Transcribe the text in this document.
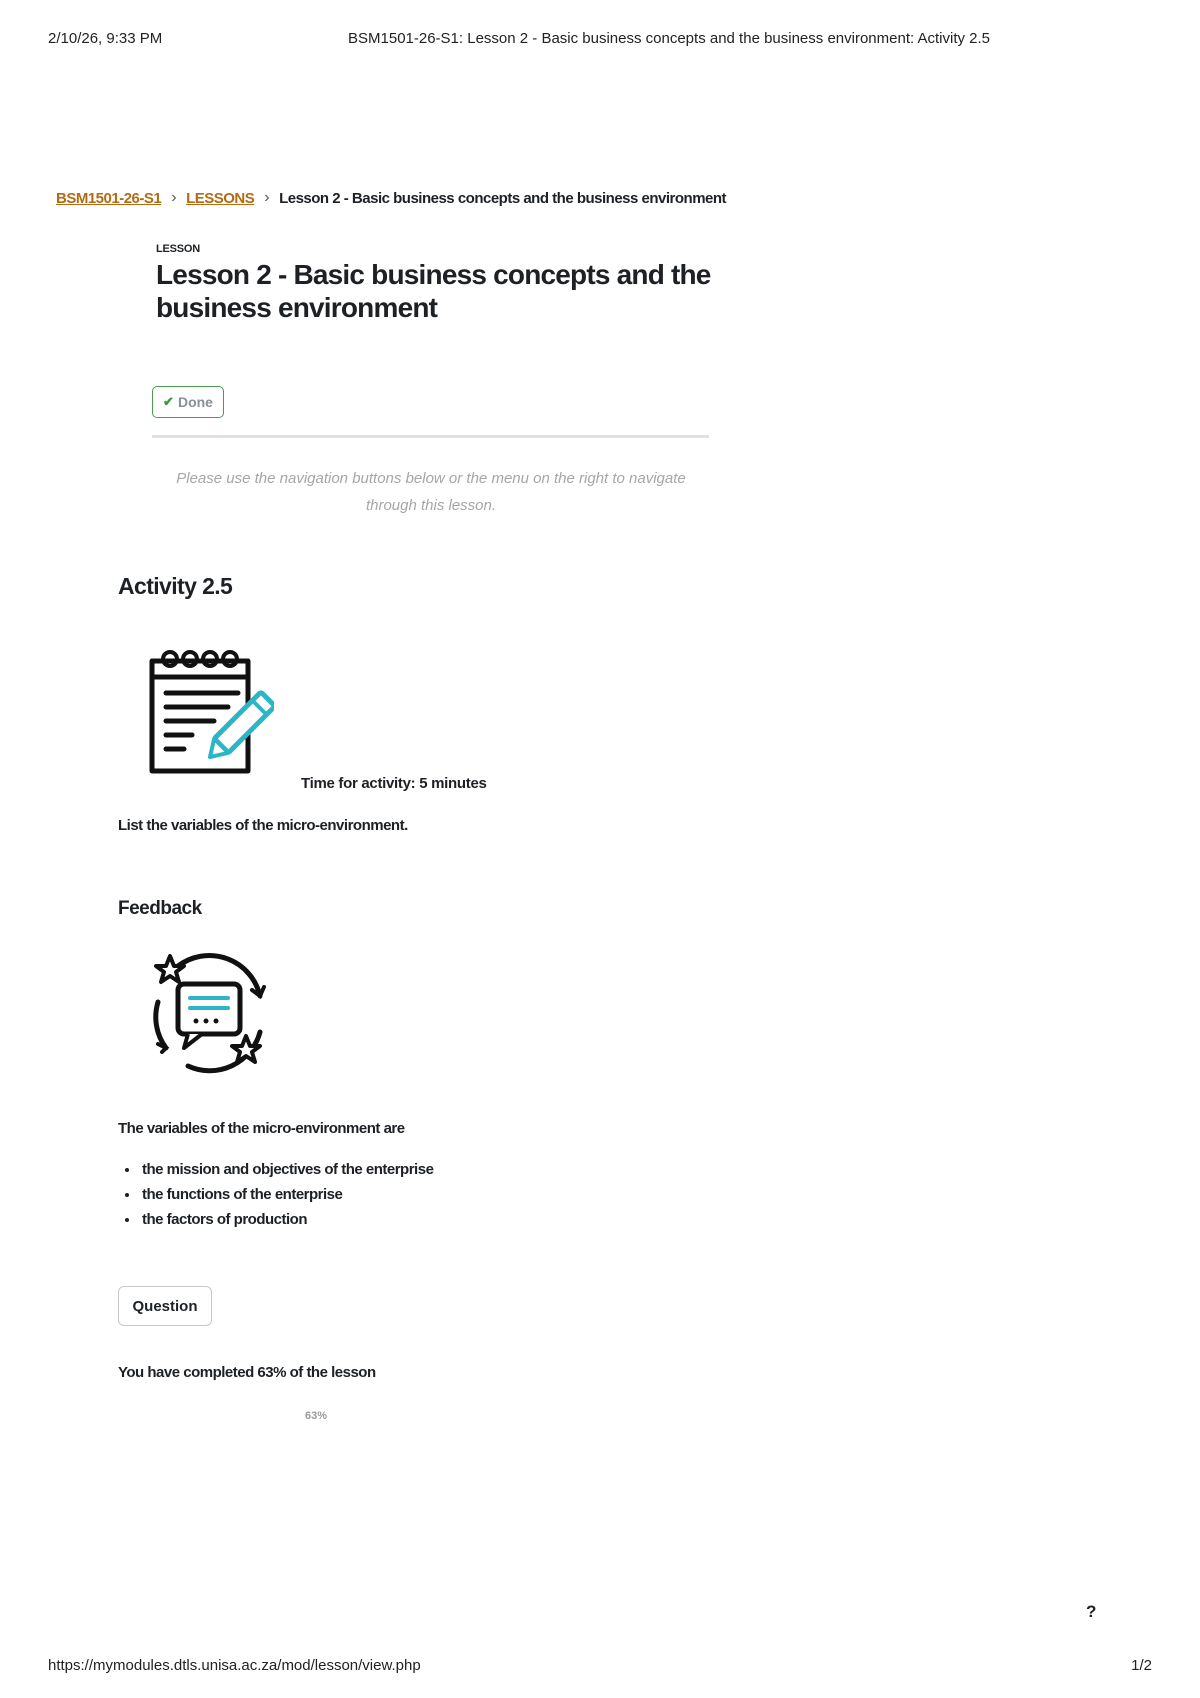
2/10/26, 9:33 PM	BSM1501-26-S1: Lesson 2 - Basic business concepts and the business environment: Activity 2.5
BSM1501-26-S1 › LESSONS › Lesson 2 - Basic business concepts and the business environment
LESSON
Lesson 2 - Basic business concepts and the business environment
✔ Done
Please use the navigation buttons below or the menu on the right to navigate through this lesson.
Activity 2.5
Time for activity: 5 minutes
List the variables of the micro-environment.
Feedback
The variables of the micro-environment are
• the mission and objectives of the enterprise
• the functions of the enterprise
• the factors of production
Question
You have completed 63% of the lesson
63%
?
https://mymodules.dtls.unisa.ac.za/mod/lesson/view.php	1/2
